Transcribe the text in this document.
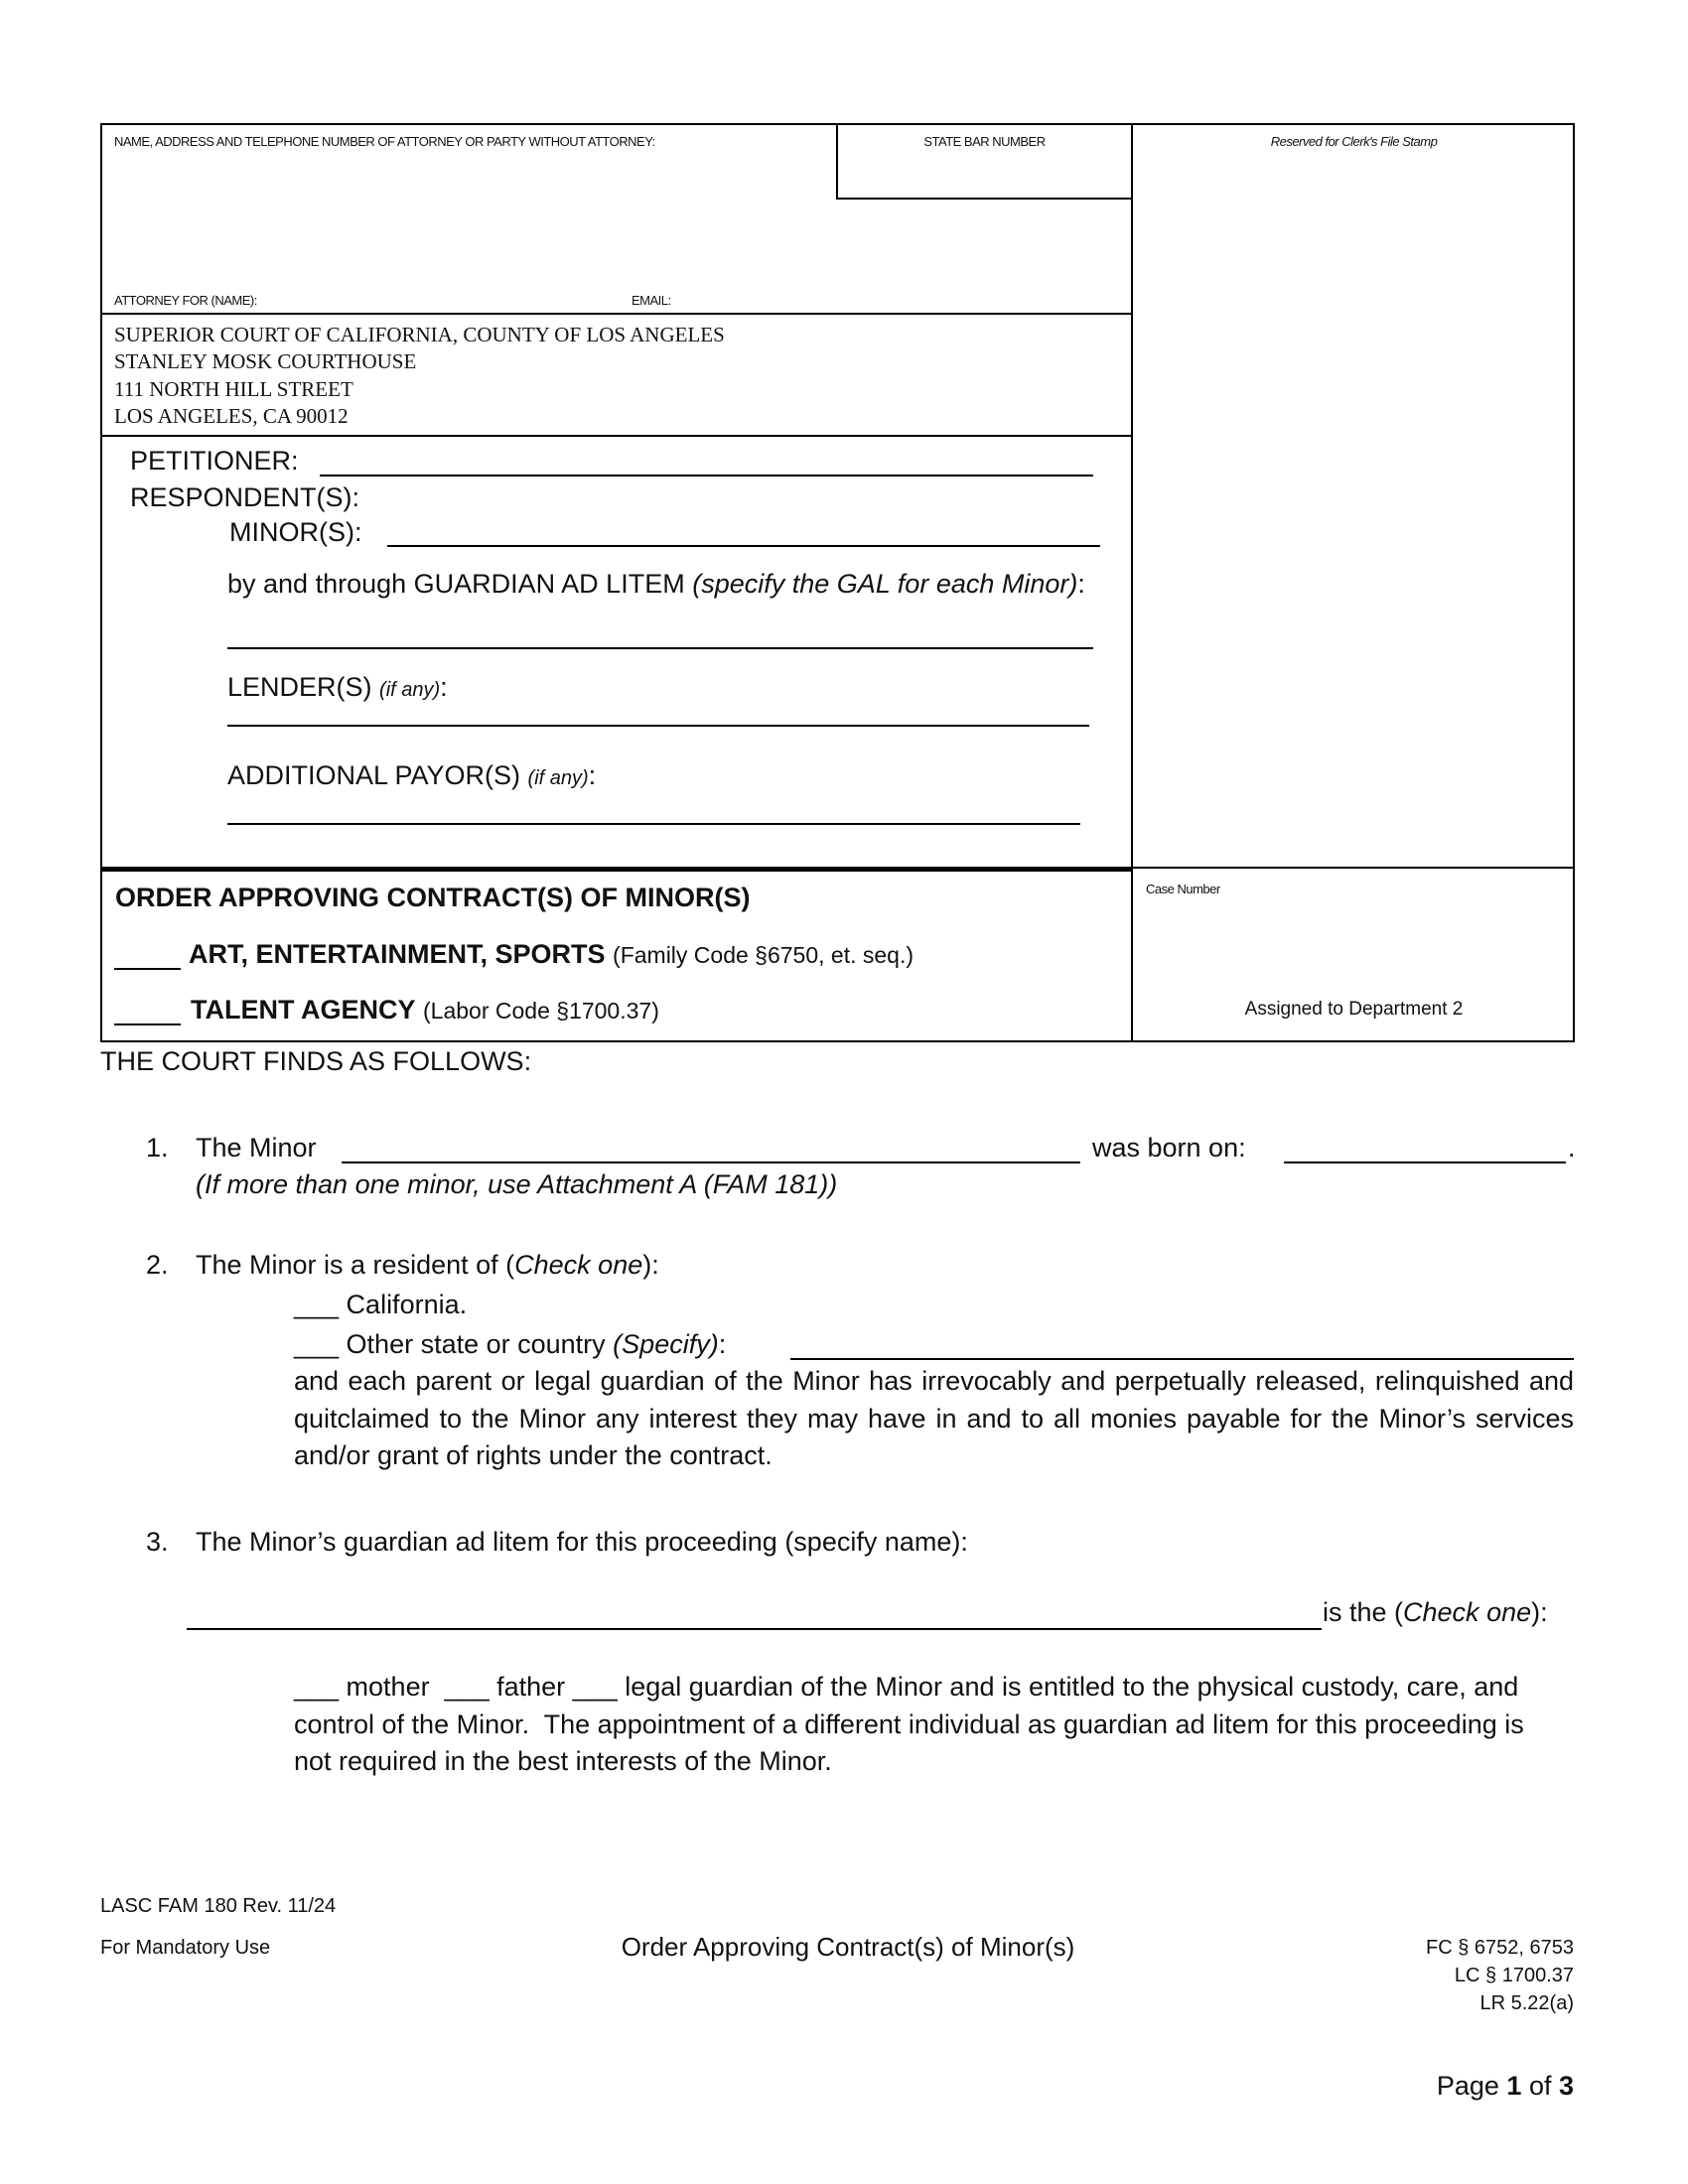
NAME, ADDRESS AND TELEPHONE NUMBER OF ATTORNEY OR PARTY WITHOUT ATTORNEY:	STATE BAR NUMBER	Reserved for Clerk's File Stamp
ATTORNEY FOR (NAME):	EMAIL:
SUPERIOR COURT OF CALIFORNIA, COUNTY OF LOS ANGELES
STANLEY MOSK COURTHOUSE
111 NORTH HILL STREET
LOS ANGELES, CA 90012
PETITIONER:
RESPONDENT(S):
MINOR(S):
by and through GUARDIAN AD LITEM (specify the GAL for each Minor):
LENDER(S) (if any):
ADDITIONAL PAYOR(S) (if any):
ORDER APPROVING CONTRACT(S) OF MINOR(S)
ART, ENTERTAINMENT, SPORTS (Family Code §6750, et. seq.)
TALENT AGENCY (Labor Code §1700.37)
Case Number
Assigned to Department 2
THE COURT FINDS AS FOLLOWS:
1. The Minor	was born on:	.
(If more than one minor, use Attachment A (FAM 181))
2. The Minor is a resident of (Check one):
___ California.
___ Other state or country (Specify):
and each parent or legal guardian of the Minor has irrevocably and perpetually released, relinquished and quitclaimed to the Minor any interest they may have in and to all monies payable for the Minor’s services and/or grant of rights under the contract.
3. The Minor’s guardian ad litem for this proceeding (specify name):
is the (Check one):
___ mother  ___ father ___ legal guardian of the Minor and is entitled to the physical custody, care, and control of the Minor.  The appointment of a different individual as guardian ad litem for this proceeding is not required in the best interests of the Minor.
LASC FAM 180 Rev. 11/24
For Mandatory Use	Order Approving Contract(s) of Minor(s)	FC § 6752, 6753
LC § 1700.37
LR 5.22(a)
Page 1 of 3
